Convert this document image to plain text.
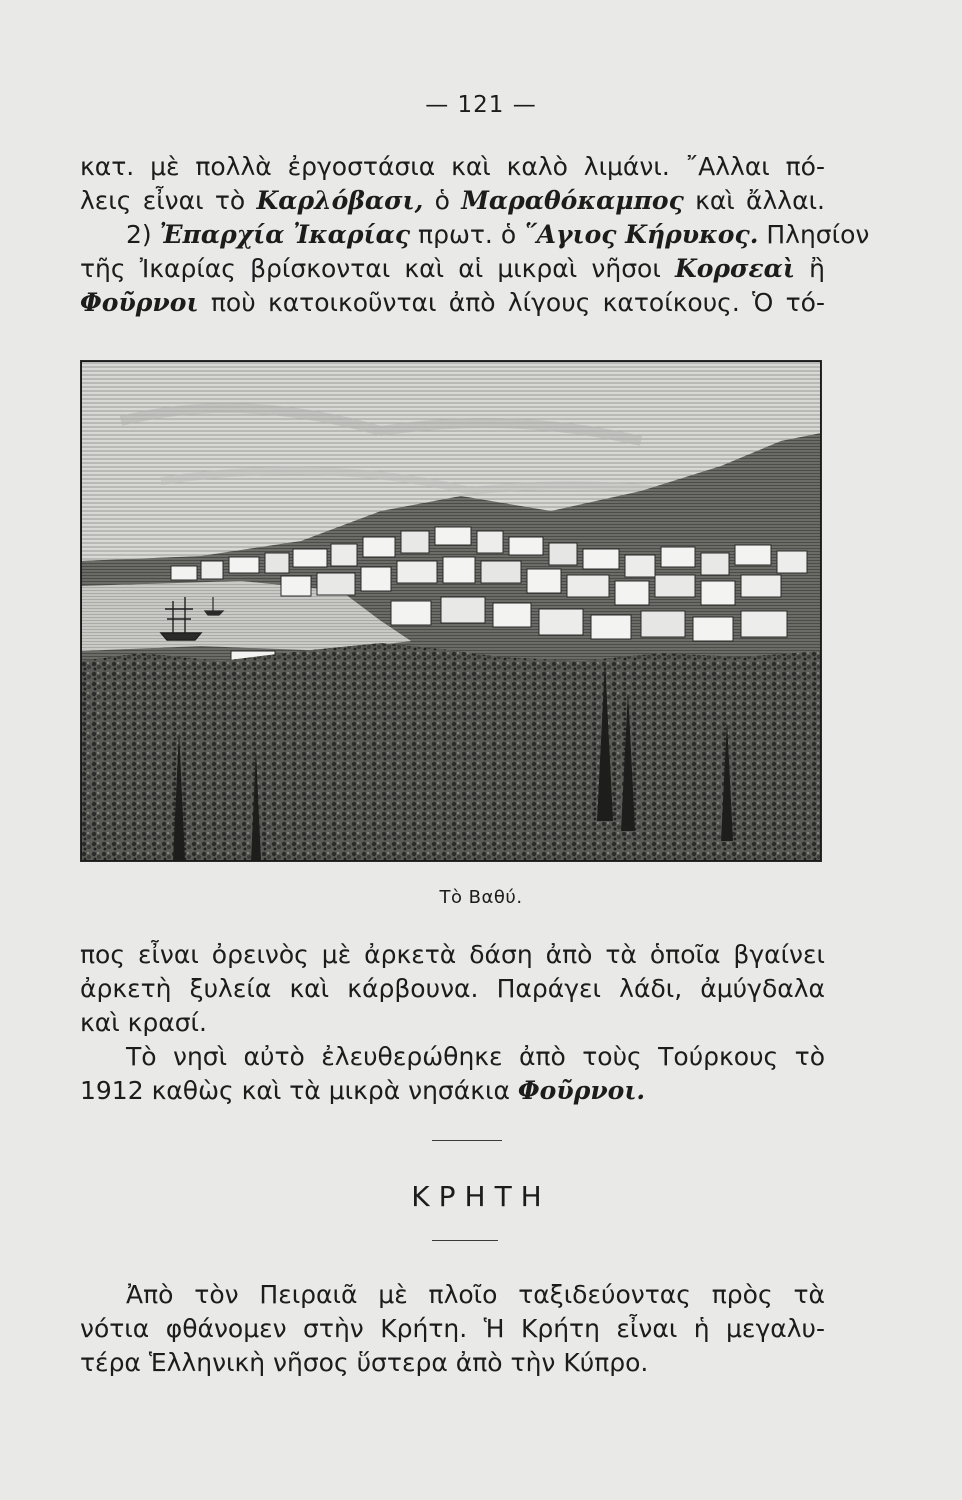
— 121 —
κατ. μὲ πολλὰ ἐργοστάσια καὶ καλὸ λιμάνι. ῎Αλλαι πό-
λεις εἶναι τὸ Καρλόβασι, ὁ Μαραθόκαμπος καὶ ἄλλαι.
2) Ἐπαρχία Ἰκαρίας πρωτ. ὁ ῞Αγιος Κήρυκος. Πλησίον
τῆς Ἰκαρίας βρίσκονται καὶ αἱ μικραὶ νῆσοι Κορσεαὶ ἢ
Φοῦρνοι ποὺ κατοικοῦνται ἀπὸ λίγους κατοίκους. Ὁ τό-
Τὸ Βαθύ.
πος εἶναι ὀρεινὸς μὲ ἀρκετὰ δάση ἀπὸ τὰ ὁποῖα βγαίνει
ἀρκετὴ ξυλεία καὶ κάρβουνα. Παράγει λάδι, ἀμύγδαλα
καὶ κρασί.
Τὸ νησὶ αὐτὸ ἐλευθερώθηκε ἀπὸ τοὺς Τούρκους τὸ
1912 καθὼς καὶ τὰ μικρὰ νησάκια Φοῦρνοι.
ΚΡΗΤΗ
Ἀπὸ τὸν Πειραιᾶ μὲ πλοῖο ταξιδεύοντας πρὸς τὰ
νότια φθάνομεν στὴν Κρήτη. Ἡ Κρήτη εἶναι ἡ μεγαλυ-
τέρα Ἑλληνικὴ νῆσος ὕστερα ἀπὸ τὴν Κύπρο.
